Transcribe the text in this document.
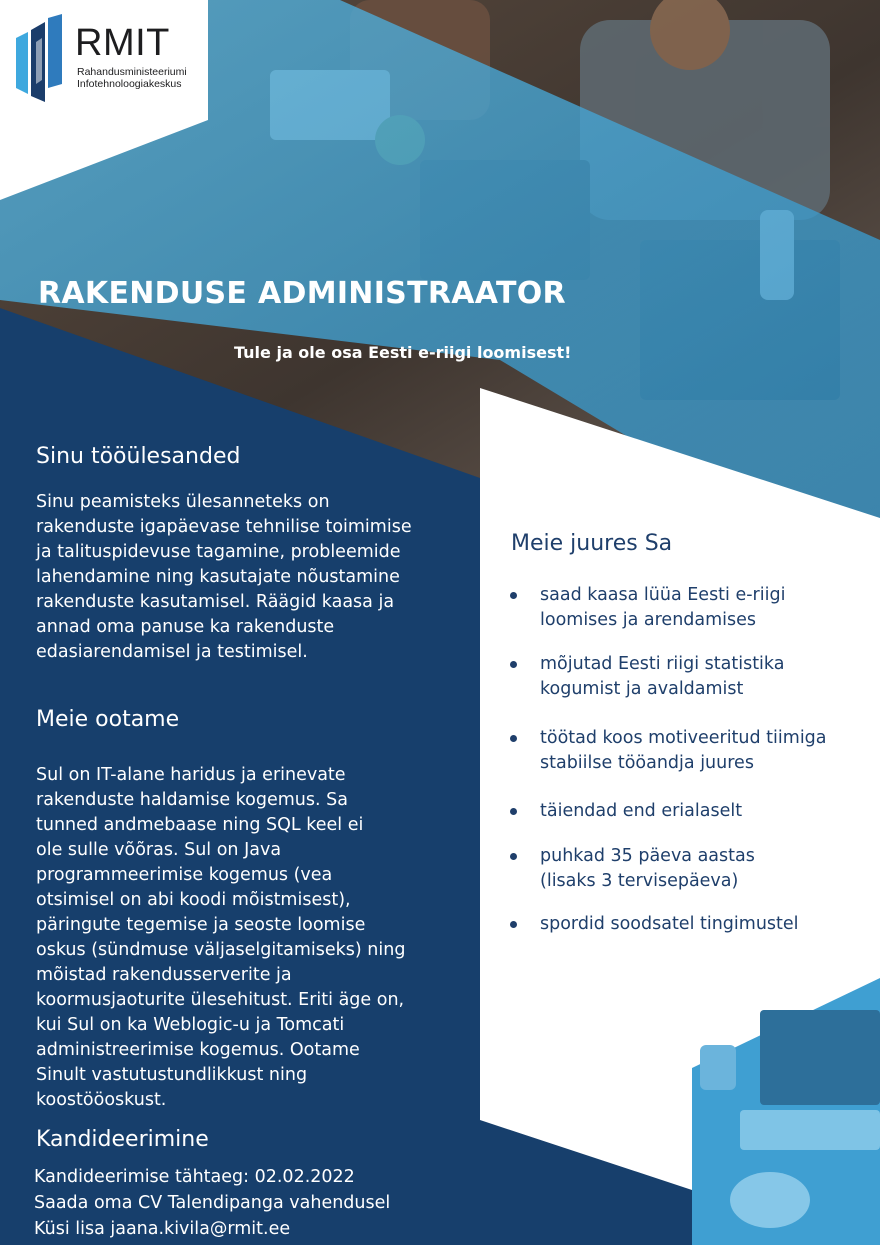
RMIT
Rahandusministeeriumi
Infotehnoloogiakeskus
RAKENDUSE ADMINISTRAATOR
Tule ja ole osa Eesti e-riigi loomisest!
Sinu tööülesanded

Sinu peamisteks ülesanneteks on
rakenduste igapäevase tehnilise toimimise
ja talituspidevuse tagamine, probleemide
lahendamine ning kasutajate nõustamine
rakenduste kasutamisel. Räägid kaasa ja
annad oma panuse ka rakenduste
edasiarendamisel ja testimisel.

Meie ootame

Sul on IT-alane haridus ja erinevate
rakenduste haldamise kogemus. Sa
tunned andmebaase ning SQL keel ei
ole sulle võõras. Sul on Java
programmeerimise kogemus (vea
otsimisel on abi koodi mõistmisest),
päringute tegemise ja seoste loomise
oskus (sündmuse väljaselgitamiseks) ning
mõistad rakendusserverite ja
koormusjaoturite ülesehitust. Eriti äge on,
kui Sul on ka Weblogic-u ja Tomcati
administreerimise kogemus. Ootame
Sinult vastutustundlikkust ning
koostööoskust.

Meie juures Sa
saad kaasa lüüa Eesti e-riigi
loomises ja arendamises
mõjutad Eesti riigi statistika
kogumist ja avaldamist
töötad koos motiveeritud tiimiga
stabiilse tööandja juures
täiendad end erialaselt
puhkad 35 päeva aastas
(lisaks 3 tervisepäeva)
spordid soodsatel tingimustel
Kandideerimine
Kandideerimise tähtaeg: 02.02.2022
Saada oma CV Talendipanga vahendusel
Küsi lisa jaana.kivila@rmit.ee
